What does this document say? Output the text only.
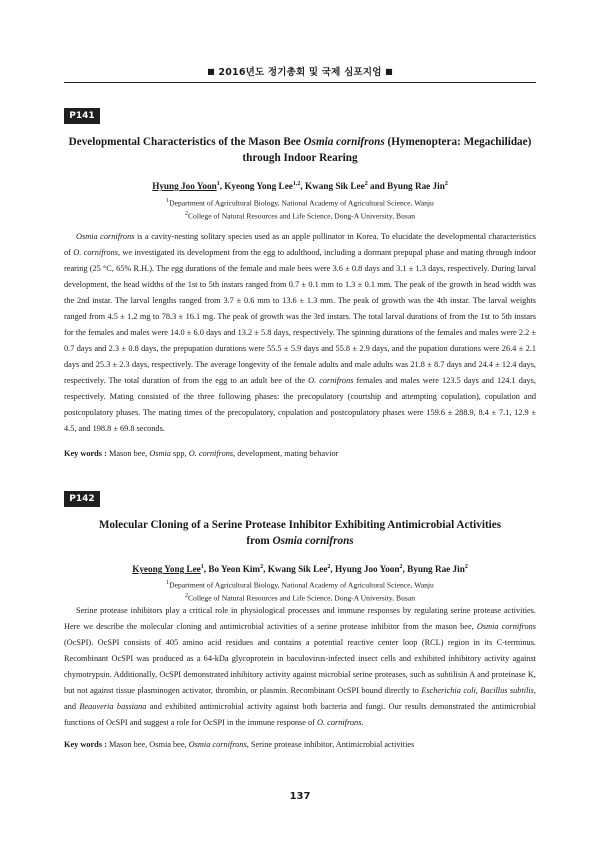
■ 2016년도 정기총회 및 국제 심포지엄 ■
P141
Developmental Characteristics of the Mason Bee Osmia cornifrons (Hymenoptera: Megachilidae)
through Indoor Rearing
Hyung Joo Yoon$^1$, Kyeong Yong Lee$^{1,2}$, Kwang Sik Lee$^2$ and Byung Rae Jin$^2$
$^1$Department of Agricultural Biology, National Academy of Agricultural Science, Wanju
$^2$College of Natural Resources and Life Science, Dong-A University, Busan

Osmia cornifrons is a cavity-nesting solitary species used as an apple pollinator in Korea. To elucidate the developmental characteristics of O. cornifrons, we investigated its development from the egg to adulthood, including a dormant prepupal phase and mating through indoor rearing (25 °C, 65% R.H.). The egg durations of the female and male bees were 3.6 ± 0.8 days and 3.1 ± 1.3 days, respectively. During larval development, the head widths of the 1st to 5th instars ranged from 0.7 ± 0.1 mm to 1.3 ± 0.1 mm. The peak of the growth in head width was the 2nd instar. The larval lengths ranged from 3.7 ± 0.6 mm to 13.6 ± 1.3 mm. The peak of growth was the 4th instar. The larval weights ranged from 4.5 ± 1.2 mg to 78.3 ± 16.1 mg. The peak of growth was the 3rd instars. The total larval durations of from the 1st to 5th instars for the females and males were 14.0 ± 6.0 days and 13.2 ± 5.8 days, respectively. The spinning durations of the females and males were 2.2 ± 0.7 days and 2.3 ± 0.8 days, the prepupation durations were 55.5 ± 5.9 days and 55.8 ± 2.9 days, and the pupation durations were 26.4 ± 2.1 days and 25.3 ± 2.3 days, respectively. The average longevity of the female adults and male adults was 21.8 ± 8.7 days and 24.4 ± 12.4 days, respectively. The total duration of from the egg to an adult bee of the O. cornifrons females and males were 123.5 days and 124.1 days, respectively. Mating consisted of the three following phases: the precopulatory (courtship and attempting copulation), copulation and postcopulatory phases. The mating times of the precopulatory, copulation and postcopulatory phases were 159.6 ± 288.9, 8.4 ± 7.1, 12.9 ± 4.5, and 198.8 ± 69.8 seconds.

Key words : Mason bee, Osmia spp, O. cornifrons, development, mating behavior
P142
Molecular Cloning of a Serine Protease Inhibitor Exhibiting Antimicrobial Activities
from Osmia cornifrons
Kyeong Yong Lee$^1$, Bo Yeon Kim$^2$, Kwang Sik Lee$^2$, Hyung Joo Yoon$^2$, Byung Rae Jin$^2$
$^1$Department of Agricultural Biology, National Academy of Agricultural Science, Wanju
$^2$College of Natural Resources and Life Science, Dong-A University, Busan

Serine protease inhibitors play a critical role in physiological processes and immune responses by regulating serine protease activities. Here we describe the molecular cloning and antimicrobial activities of a serine protease inhibitor from the mason bee, Osmia cornifrons (OcSPI). OcSPI consists of 405 amino acid residues and contains a potential reactive center loop (RCL) region in its C-terminus. Recombinant OcSPI was produced as a 64-kDa glycoprotein in baculovirus-infected insect cells and exhibited inhibitory activity against chymotrypsin. Additionally, OcSPI demonstrated inhibitory activity against microbial serine proteases, such as subtilisin A and proteinase K, but not against tissue plasminogen activator, thrombin, or plasmin. Recombinant OcSPI bound directly to Escherichia coli, Bacillus subtilis, and Beauveria bassiana and exhibited antimicrobial activity against both bacteria and fungi. Our results demonstrated the antimicrobial functions of OcSPI and suggest a role for OcSPI in the immune response of O. cornifrons.

Key words : Mason bee, Osmia bee, Osmia cornifrons, Serine protease inhibitor, Antimicrobial activities
137
